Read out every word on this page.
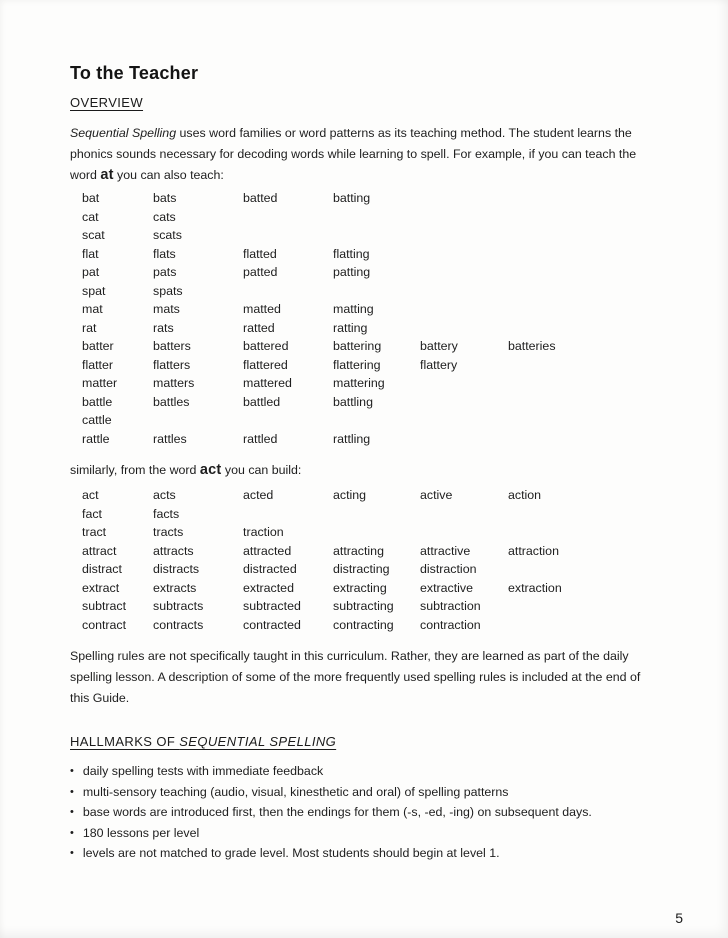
To the Teacher
OVERVIEW

Sequential Spelling uses word families or word patterns as its teaching method. The student learns the phonics sounds necessary for decoding words while learning to spell. For example, if you can teach the word at you can also teach:

bat	bats	batted	batting
cat	cats
scat	scats
flat	flats	flatted	flatting
pat	pats	patted	patting
spat	spats
mat	mats	matted	matting
rat	rats	ratted	ratting
batter	batters	battered	battering	battery	batteries
flatter	flatters	flattered	flattering	flattery
matter	matters	mattered	mattering
battle	battles	battled	battling
cattle
rattle	rattles	rattled	rattling
similarly, from the word act you can build:
act	acts	acted	acting	active	action
fact	facts
tract	tracts	traction
attract	attracts	attracted	attracting	attractive	attraction
distract	distracts	distracted	distracting	distraction
extract	extracts	extracted	extracting	extractive	extraction
subtract	subtracts	subtracted	subtracting	subtraction
contract	contracts	contracted	contracting	contraction

Spelling rules are not specifically taught in this curriculum. Rather, they are learned as part of the daily spelling lesson. A description of some of the more frequently used spelling rules is included at the end of this Guide.

HALLMARKS OF SEQUENTIAL SPELLING
• daily spelling tests with immediate feedback
• multi-sensory teaching (audio, visual, kinesthetic and oral) of spelling patterns
• base words are introduced first, then the endings for them (-s, -ed, -ing) on subsequent days.
• 180 lessons per level
• levels are not matched to grade level. Most students should begin at level 1.
5
